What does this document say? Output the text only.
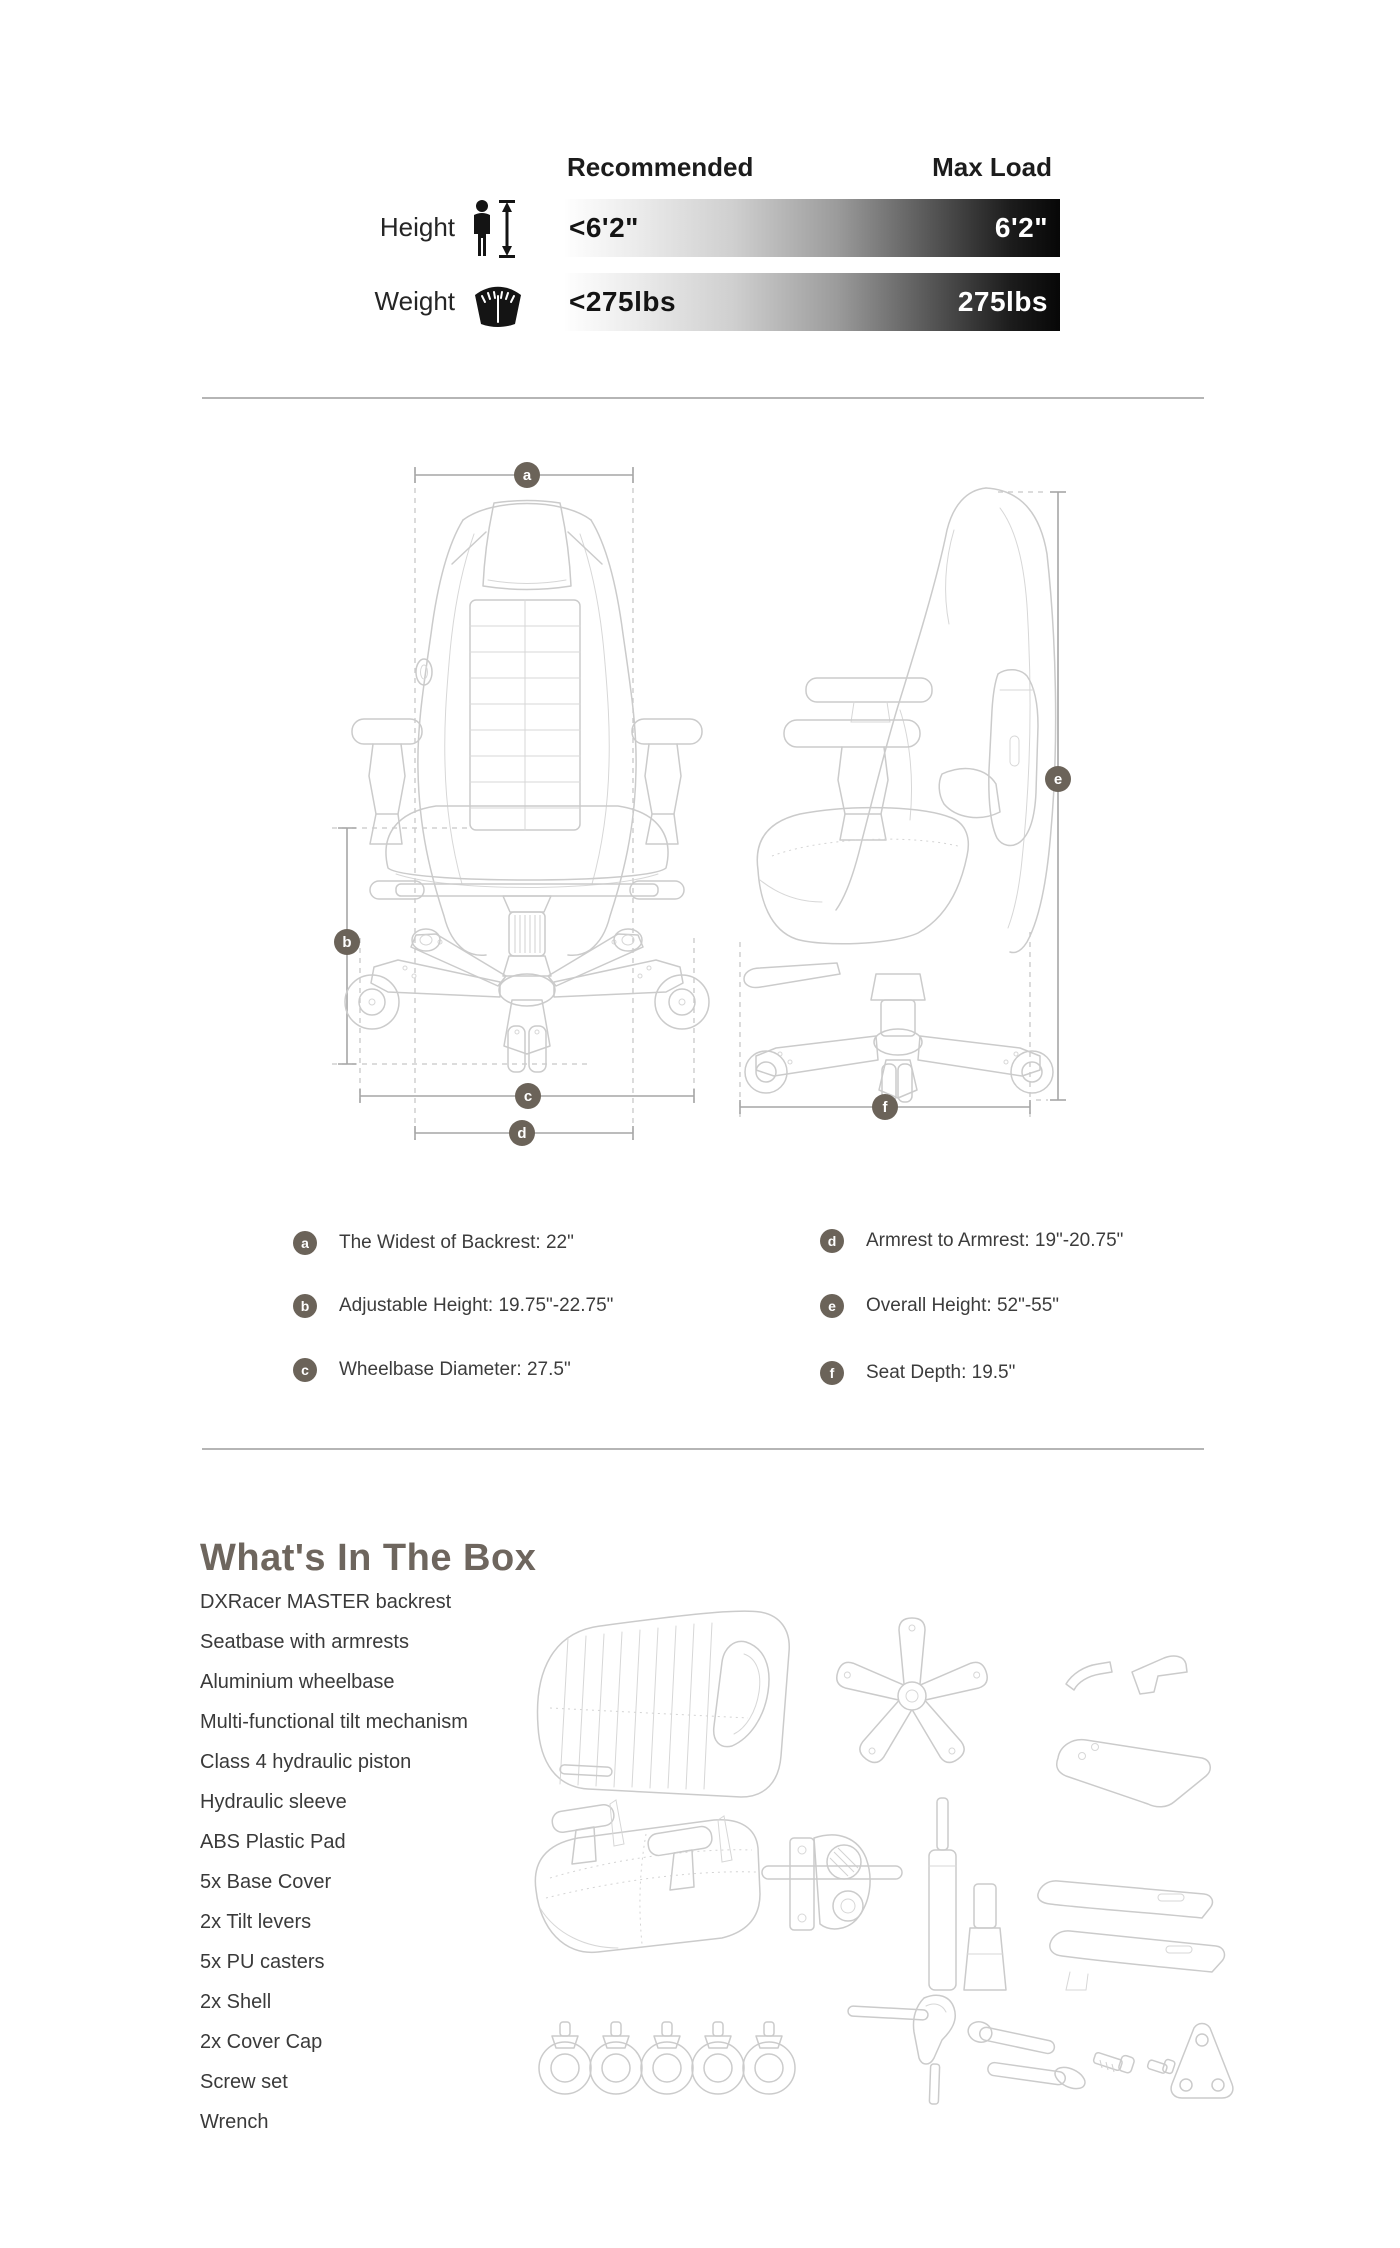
Recommended	Max Load
Height	<6'2"	6'2"
Weight	<275lbs	275lbs
a
b
c
d
e
f
a	The Widest of Backrest: 22"
b	Adjustable Height: 19.75"-22.75"
c	Wheelbase Diameter: 27.5"
d	Armrest to Armrest: 19"-20.75"
e	Overall Height: 52"-55"
f	Seat Depth: 19.5"
What's In The Box
DXRacer MASTER backrest
Seatbase with armrests
Aluminium wheelbase
Multi-functional tilt mechanism
Class 4 hydraulic piston
Hydraulic sleeve
ABS Plastic Pad
5x Base Cover
2x Tilt levers
5x PU casters
2x Shell
2x Cover Cap
Screw set
Wrench
